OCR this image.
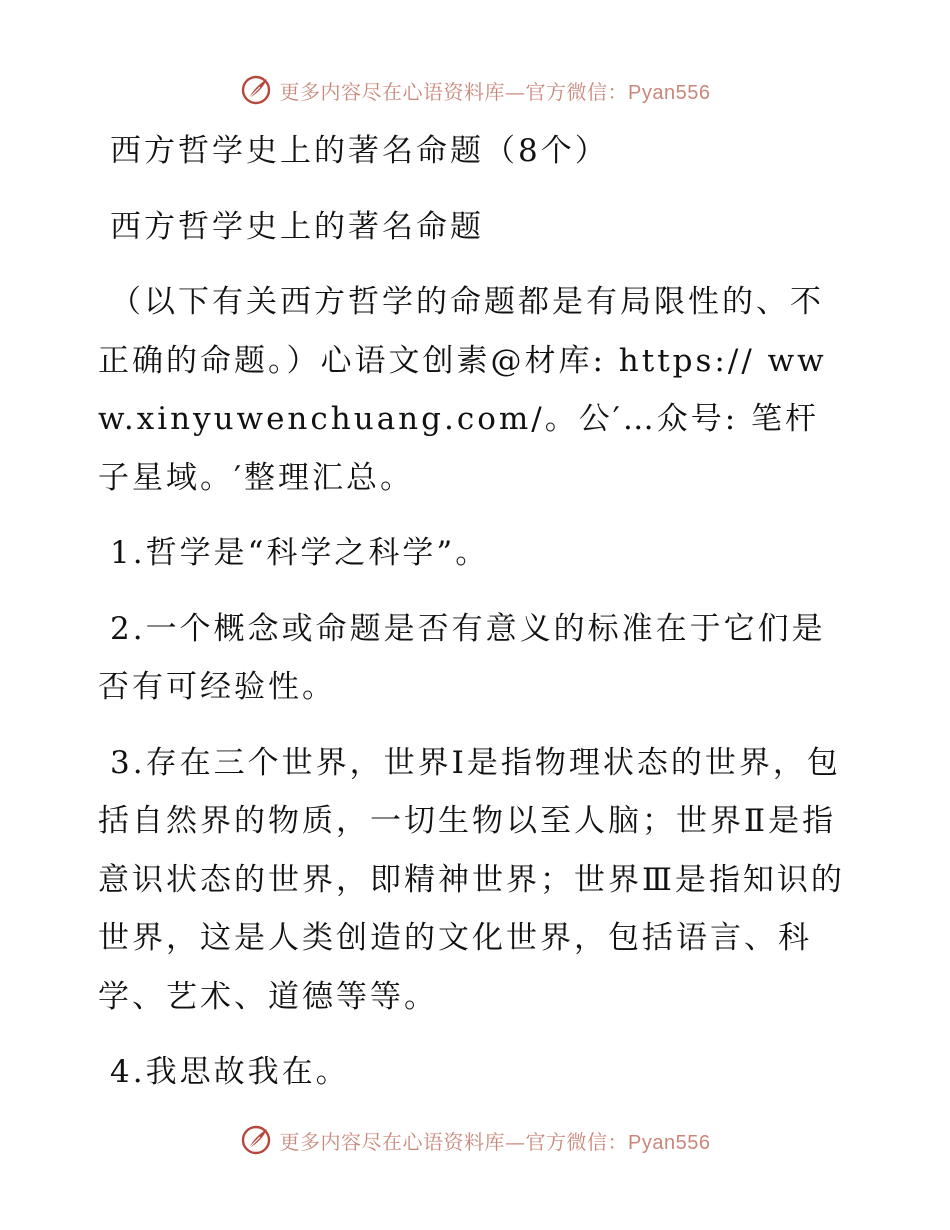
更多内容尽在心语资料库—官方微信：Pyan556

西方哲学史上的著名命题（8个）

西方哲学史上的著名命题

（以下有关西方哲学的命题都是有局限性的、不正确的命题。）心语文创素@材库: https:// www.xinyuwenchuang.com/。公′…众号: 笔杆子星域。′整理汇总。

1.哲学是“科学之科学”。

2.一个概念或命题是否有意义的标准在于它们是否有可经验性。

3.存在三个世界，世界Ⅰ是指物理状态的世界，包括自然界的物质，一切生物以至人脑；世界Ⅱ是指意识状态的世界，即精神世界；世界Ⅲ是指知识的世界，这是人类创造的文化世界，包括语言、科学、艺术、道德等等。

4.我思故我在。

更多内容尽在心语资料库—官方微信：Pyan556
